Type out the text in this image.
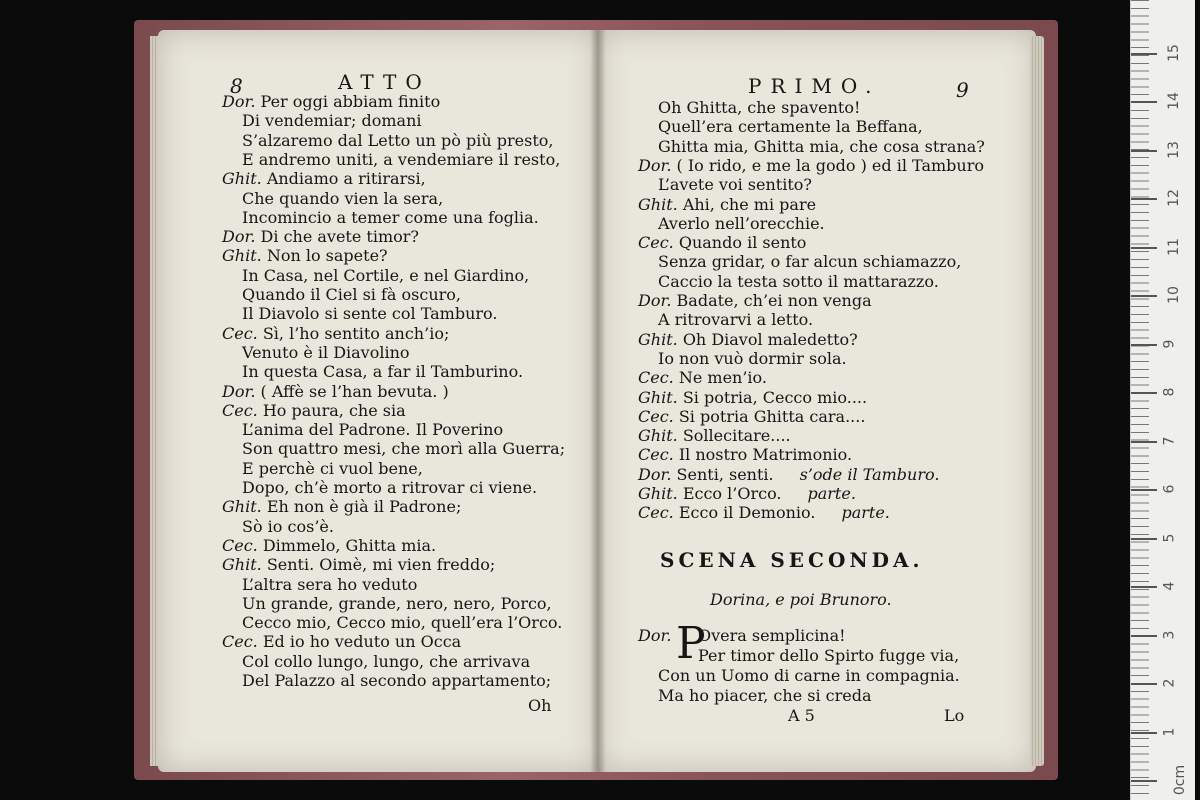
8	ATTO
Dor. Per oggi abbiam finito
Di vendemiar; domani
S’alzaremo dal Letto un pò più presto,
E andremo uniti, a vendemiare il resto,
Ghit. Andiamo a ritirarsi,
Che quando vien la sera,
Incomincio a temer come una foglia.
Dor. Di che avete timor?
Ghit. Non lo sapete?
In Casa, nel Cortile, e nel Giardino,
Quando il Ciel si fà oscuro,
Il Diavolo si sente col Tamburo.
Cec. Sì, l’ho sentito anch’io;
Venuto è il Diavolino
In questa Casa, a far il Tamburino.
Dor. ( Affè se l’han bevuta. )
Cec. Ho paura, che sia
L’anima del Padrone. Il Poverino
Son quattro mesi, che morì alla Guerra;
E perchè ci vuol bene,
Dopo, ch’è morto a ritrovar ci viene.
Ghit. Eh non è già il Padrone;
Sò io cos’è.
Cec. Dimmelo, Ghitta mia.
Ghit. Senti. Oimè, mi vien freddo;
L’altra sera ho veduto
Un grande, grande, nero, nero, Porco,
Cecco mio, Cecco mio, quell’era l’Orco.
Cec. Ed io ho veduto un Occa
Col collo lungo, lungo, che arrivava
Del Palazzo al secondo appartamento;
Oh
PRIMO.	9
Oh Ghitta, che spavento!
Quell’era certamente la Beffana,
Ghitta mia, Ghitta mia, che cosa strana?
Dor. ( Io rido, e me la godo ) ed il Tamburo
L’avete voi sentito?
Ghit. Ahi, che mi pare
Averlo nell’orecchie.
Cec. Quando il sento
Senza gridar, o far alcun schiamazzo,
Caccio la testa sotto il mattarazzo.
Dor. Badate, ch’ei non venga
A ritrovarvi a letto.
Ghit. Oh Diavol maledetto?
Io non vuò dormir sola.
Cec. Ne men’io.
Ghit. Si potria, Cecco mio....
Cec. Si potria Ghitta cara....
Ghit. Sollecitare....
Cec. Il nostro Matrimonio.
Dor. Senti, senti. s’ode il Tamburo.
Ghit. Ecco l’Orco. parte.
Cec. Ecco il Demonio. parte.
SCENA SECONDA.
Dorina, e poi Brunoro.
Dor. P
Overa semplicina!
Per timor dello Spirto fugge via,
Con un Uomo di carne in compagnia.
Ma ho piacer, che si creda
A 5	Lo
0cm
1
2
3
4
5
6
7
8
9
10
11
12
13
14
15
